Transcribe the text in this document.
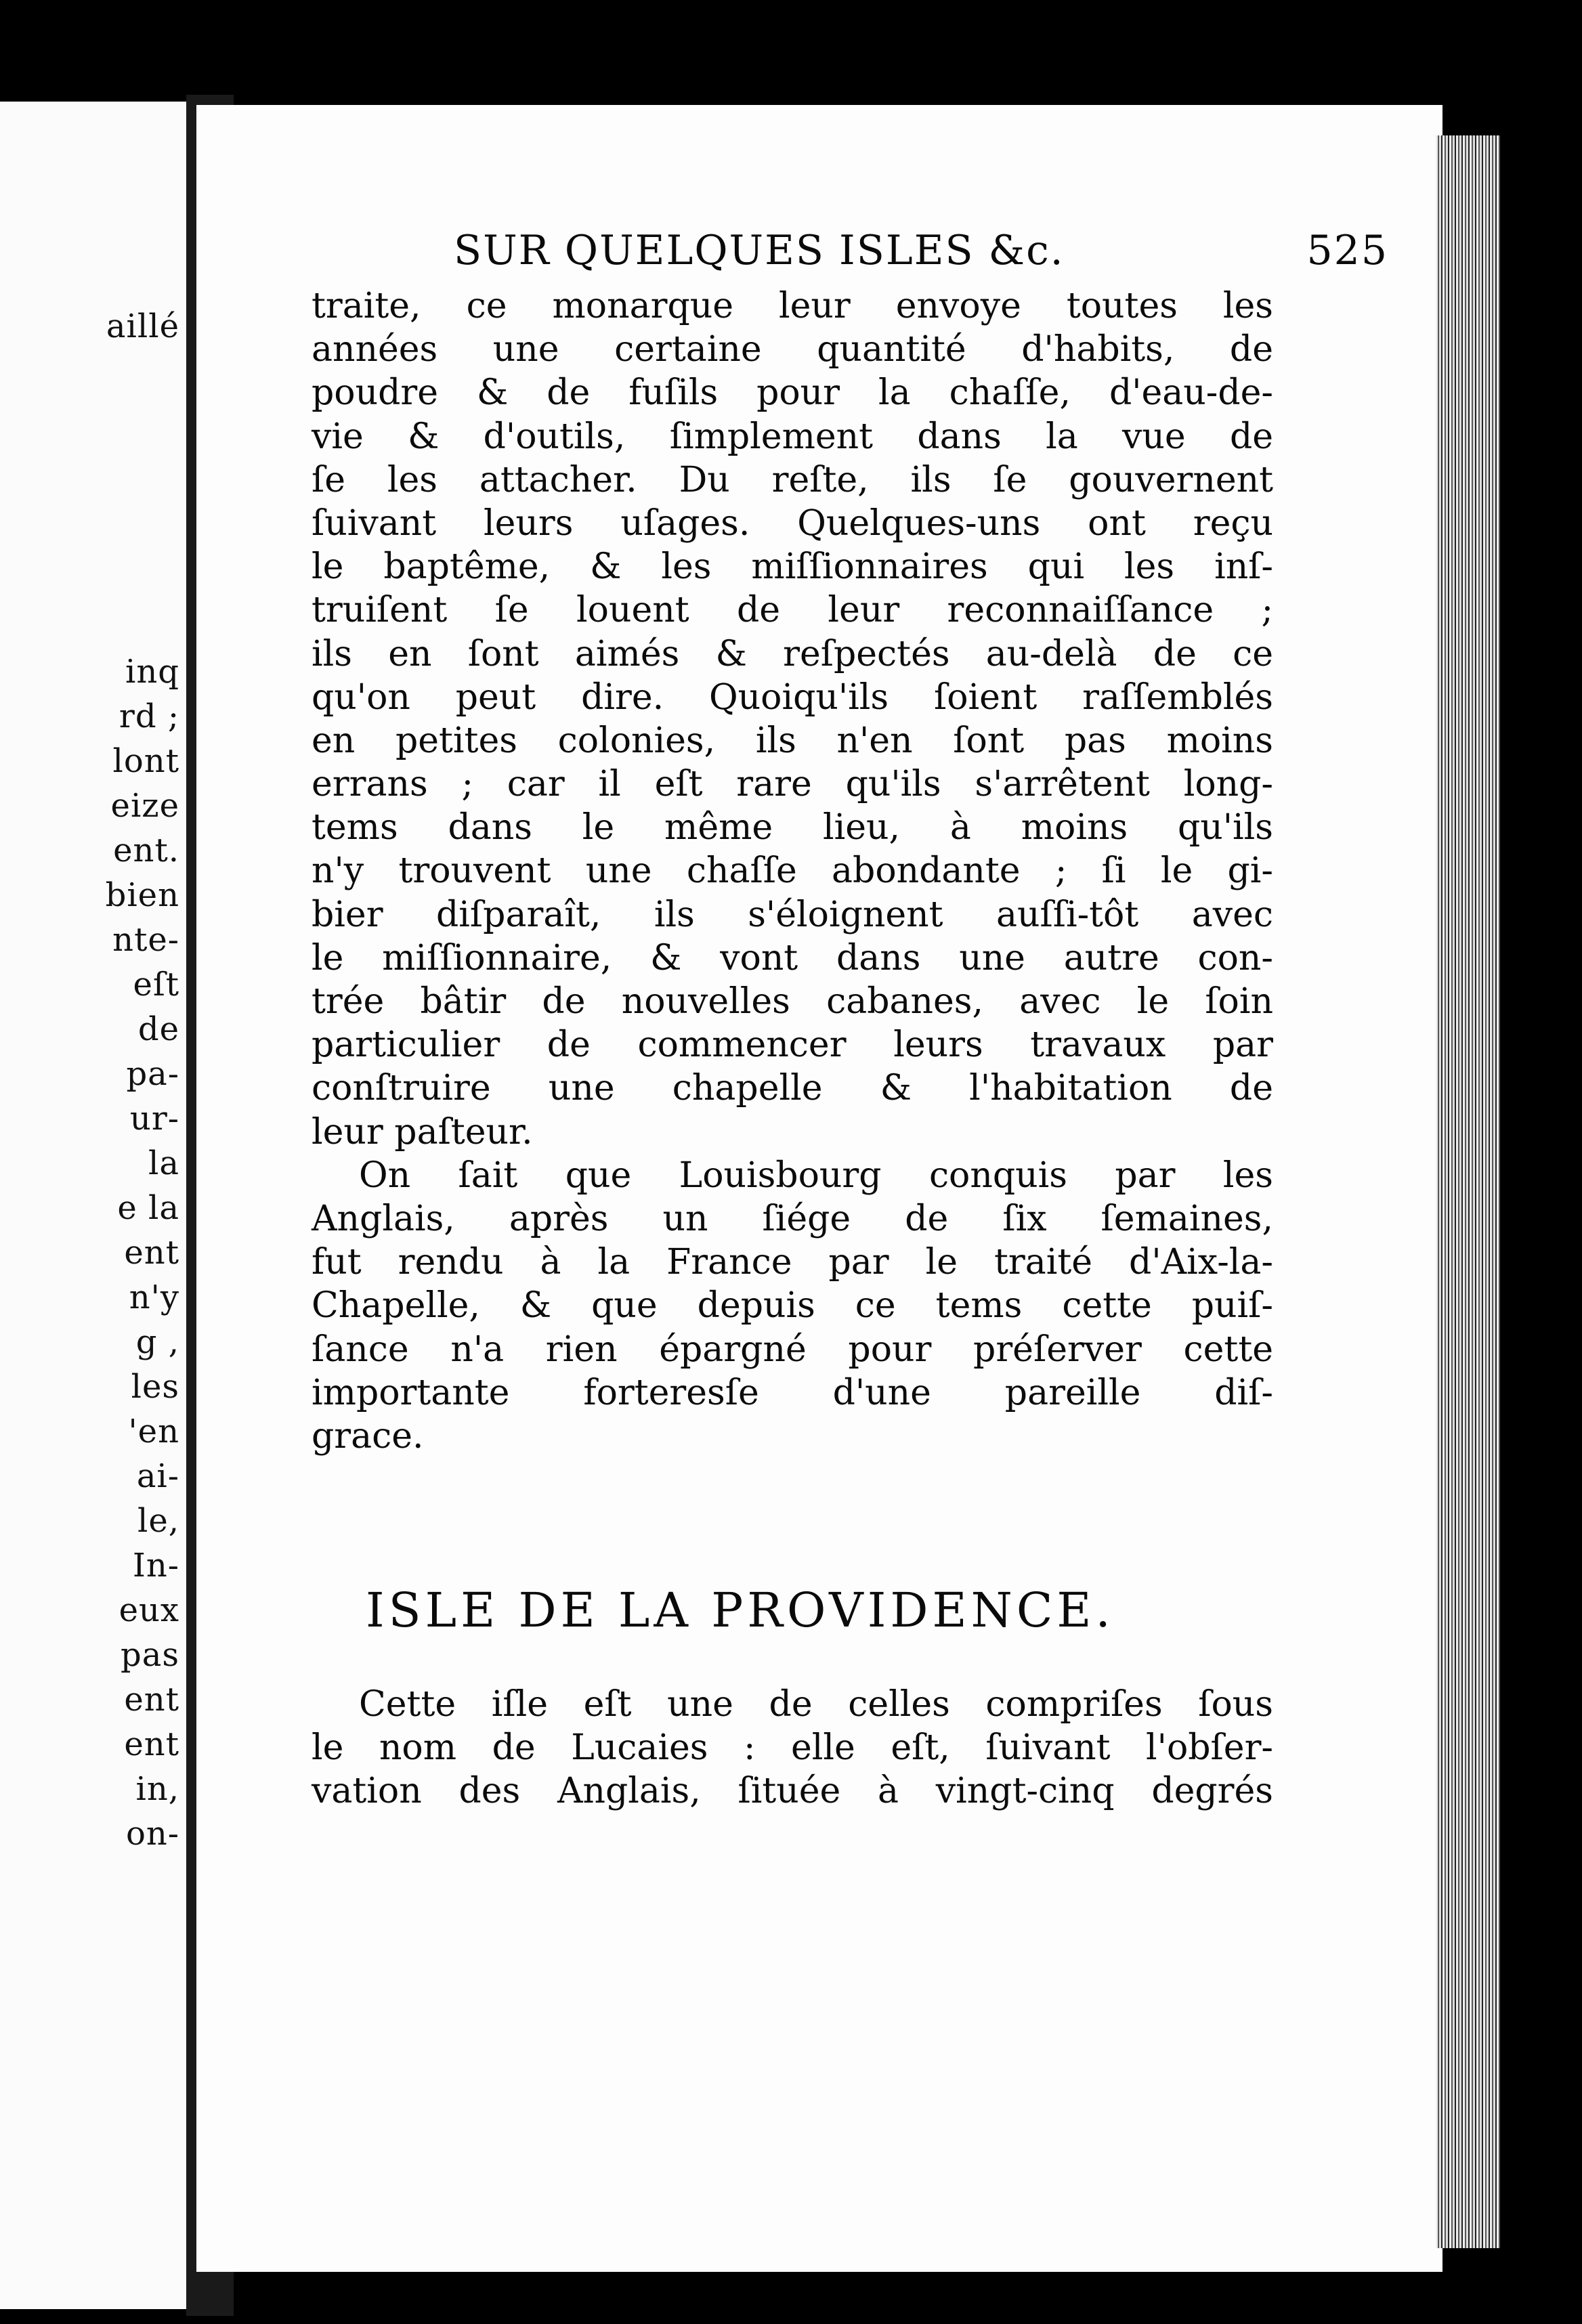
aillé
inq
rd ;
lont
eize
ent.
bien
nte-
eſt
de
pa-
ur-
la
e la
ent
n'y
g ,
les
'en
ai-
le,
In-
eux
pas
ent
ent
in,
on-
SUR QUELQUES ISLES &c.	525
traite, ce monarque leur envoye toutes les
années une certaine quantité d'habits, de
poudre & de fuſils pour la chaſſe, d'eau-de-
vie & d'outils, ſimplement dans la vue de
ſe les attacher. Du reſte, ils ſe gouvernent
ſuivant leurs uſages. Quelques-uns ont reçu
le baptême, & les miſſionnaires qui les inſ-
truiſent ſe louent de leur reconnaiſſance ;
ils en ſont aimés & reſpectés au-delà de ce
qu'on peut dire. Quoiqu'ils ſoient raſſemblés
en petites colonies, ils n'en ſont pas moins
errans ; car il eſt rare qu'ils s'arrêtent long-
tems dans le même lieu, à moins qu'ils
n'y trouvent une chaſſe abondante ; ſi le gi-
bier diſparaît, ils s'éloignent auſſi-tôt avec
le miſſionnaire, & vont dans une autre con-
trée bâtir de nouvelles cabanes, avec le ſoin
particulier de commencer leurs travaux par
conſtruire une chapelle & l'habitation de
leur paſteur.
On ſait que Louisbourg conquis par les
Anglais, après un ſiége de ſix ſemaines,
fut rendu à la France par le traité d'Aix-la-
Chapelle, & que depuis ce tems cette puiſ-
ſance n'a rien épargné pour préſerver cette
importante forteresſe d'une pareille diſ-
grace.
ISLE DE LA PROVIDENCE.
Cette iſle eſt une de celles compriſes ſous
le nom de Lucaies : elle eſt, ſuivant l'obſer-
vation des Anglais, ſituée à vingt-cinq degrés
